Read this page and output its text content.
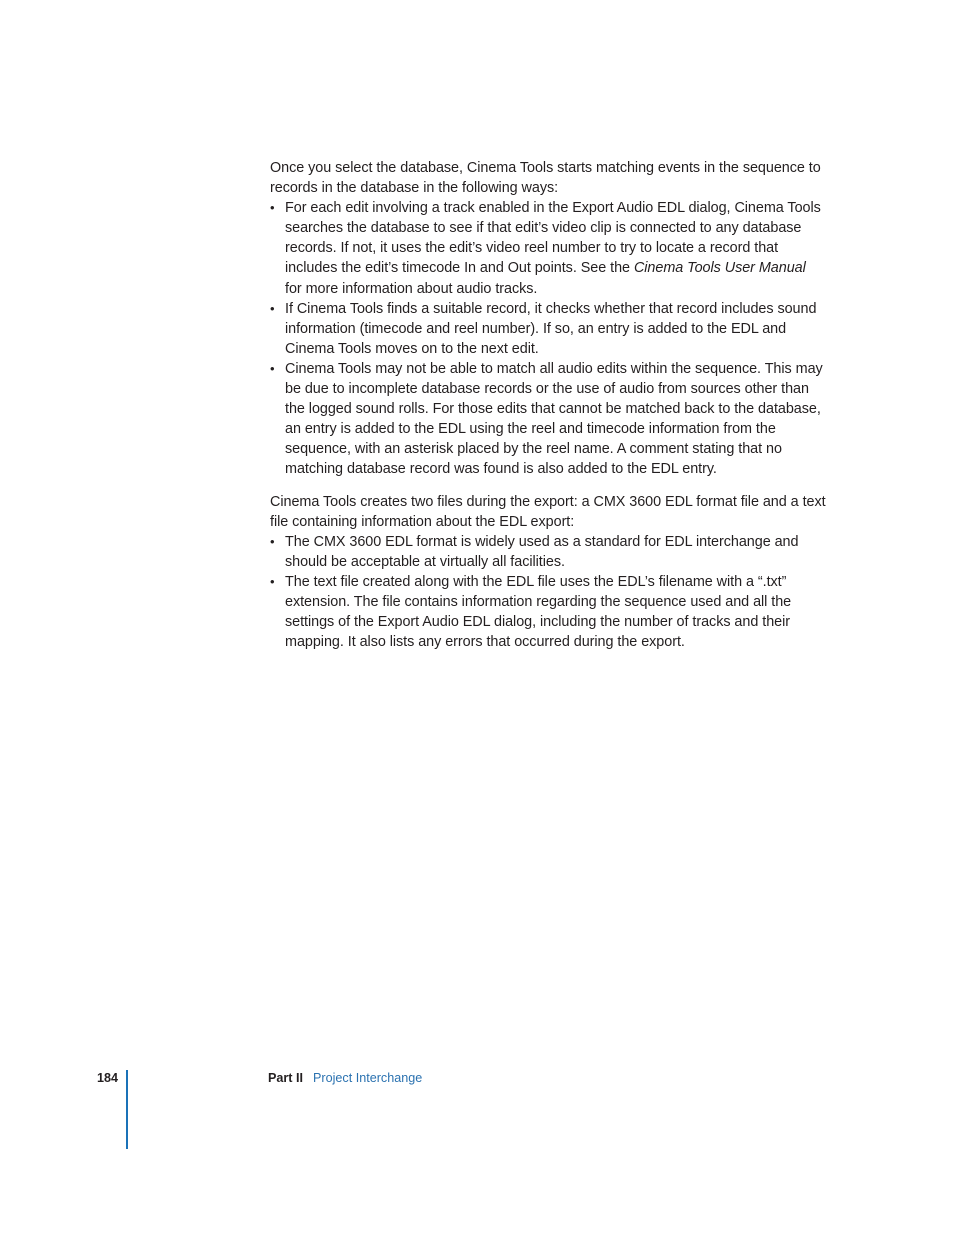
Once you select the database, Cinema Tools starts matching events in the sequence to records in the database in the following ways:

• For each edit involving a track enabled in the Export Audio EDL dialog, Cinema Tools searches the database to see if that edit’s video clip is connected to any database records. If not, it uses the edit’s video reel number to try to locate a record that includes the edit’s timecode In and Out points. See the Cinema Tools User Manual for more information about audio tracks.
• If Cinema Tools finds a suitable record, it checks whether that record includes sound information (timecode and reel number). If so, an entry is added to the EDL and Cinema Tools moves on to the next edit.
• Cinema Tools may not be able to match all audio edits within the sequence. This may be due to incomplete database records or the use of audio from sources other than the logged sound rolls. For those edits that cannot be matched back to the database, an entry is added to the EDL using the reel and timecode information from the sequence, with an asterisk placed by the reel name. A comment stating that no matching database record was found is also added to the EDL entry.

Cinema Tools creates two files during the export: a CMX 3600 EDL format file and a text file containing information about the EDL export:

• The CMX 3600 EDL format is widely used as a standard for EDL interchange and should be acceptable at virtually all facilities.
• The text file created along with the EDL file uses the EDL’s filename with a “.txt” extension. The file contains information regarding the sequence used and all the settings of the Export Audio EDL dialog, including the number of tracks and their mapping. It also lists any errors that occurred during the export.
184	Part II Project Interchange
